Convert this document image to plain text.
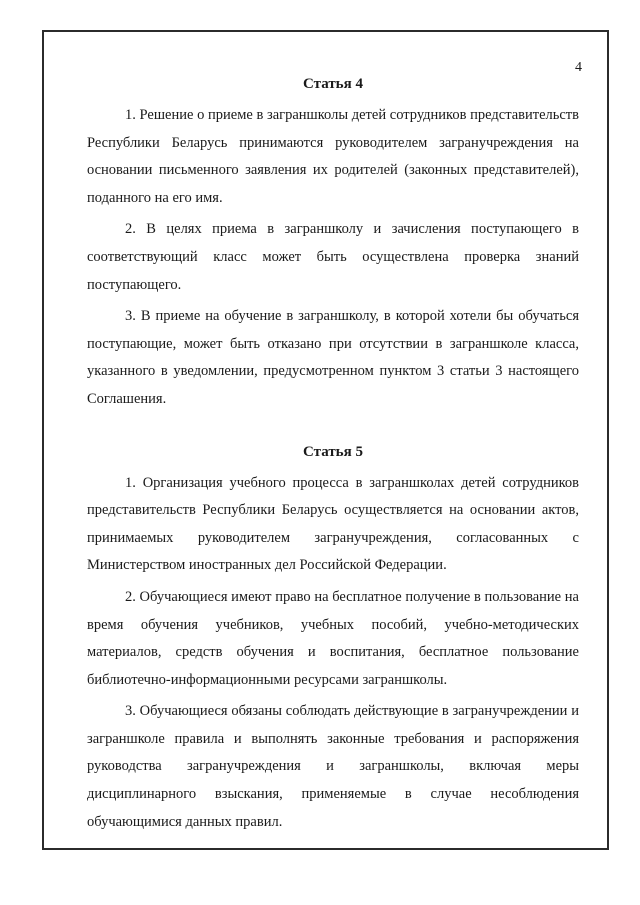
4
Статья 4

1. Решение о приеме в заграншколы детей сотрудников представительств Республики Беларусь принимаются руководителем загранучреждения на основании письменного заявления их родителей (законных представителей), поданного на его имя.

2. В целях приема в заграншколу и зачисления поступающего в соответствующий класс может быть осуществлена проверка знаний поступающего.

3. В приеме на обучение в заграншколу, в которой хотели бы обучаться поступающие, может быть отказано при отсутствии в заграншколе класса, указанного в уведомлении, предусмотренном пунктом 3 статьи 3 настоящего Соглашения.

Статья 5

1. Организация учебного процесса в заграншколах детей сотрудников представительств Республики Беларусь осуществляется на основании актов, принимаемых руководителем загранучреждения, согласованных с Министерством иностранных дел Российской Федерации.

2. Обучающиеся имеют право на бесплатное получение в пользование на время обучения учебников, учебных пособий, учебно-методических материалов, средств обучения и воспитания, бесплатное пользование библиотечно-информационными ресурсами заграншколы.

3. Обучающиеся обязаны соблюдать действующие в загранучреждении и заграншколе правила и выполнять законные требования и распоряжения руководства загранучреждения и заграншколы, включая меры дисциплинарного взыскания, применяемые в случае несоблюдения обучающимися данных правил.
